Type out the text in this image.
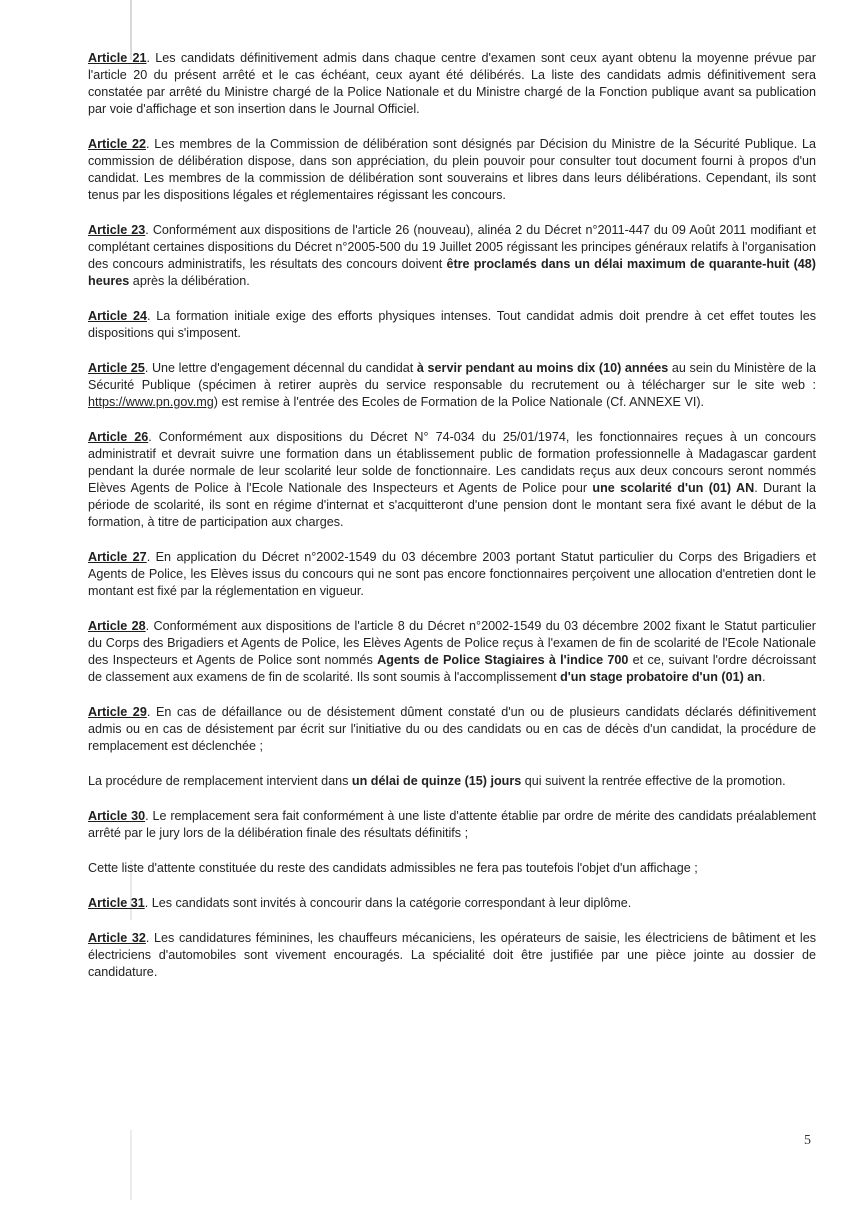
Article 21. Les candidats définitivement admis dans chaque centre d'examen sont ceux ayant obtenu la moyenne prévue par l'article 20 du présent arrêté et le cas échéant, ceux ayant été délibérés. La liste des candidats admis définitivement sera constatée par arrêté du Ministre chargé de la Police Nationale et du Ministre chargé de la Fonction publique avant sa publication par voie d'affichage et son insertion dans le Journal Officiel.

Article 22. Les membres de la Commission de délibération sont désignés par Décision du Ministre de la Sécurité Publique. La commission de délibération dispose, dans son appréciation, du plein pouvoir pour consulter tout document fourni à propos d'un candidat. Les membres de la commission de délibération sont souverains et libres dans leurs délibérations. Cependant, ils sont tenus par les dispositions légales et réglementaires régissant les concours.

Article 23. Conformément aux dispositions de l'article 26 (nouveau), alinéa 2 du Décret n°2011-447 du 09 Août 2011 modifiant et complétant certaines dispositions du Décret n°2005-500 du 19 Juillet 2005 régissant les principes généraux relatifs à l'organisation des concours administratifs, les résultats des concours doivent être proclamés dans un délai maximum de quarante-huit (48) heures après la délibération.

Article 24. La formation initiale exige des efforts physiques intenses. Tout candidat admis doit prendre à cet effet toutes les dispositions qui s'imposent.

Article 25. Une lettre d'engagement décennal du candidat à servir pendant au moins dix (10) années au sein du Ministère de la Sécurité Publique (spécimen à retirer auprès du service responsable du recrutement ou à télécharger sur le site web : https://www.pn.gov.mg) est remise à l'entrée des Ecoles de Formation de la Police Nationale (Cf. ANNEXE VI).

Article 26. Conformément aux dispositions du Décret N° 74-034 du 25/01/1974, les fonctionnaires reçues à un concours administratif et devrait suivre une formation dans un établissement public de formation professionnelle à Madagascar gardent pendant la durée normale de leur scolarité leur solde de fonctionnaire. Les candidats reçus aux deux concours seront nommés Elèves Agents de Police à l'Ecole Nationale des Inspecteurs et Agents de Police pour une scolarité d'un (01) AN. Durant la période de scolarité, ils sont en régime d'internat et s'acquitteront d'une pension dont le montant sera fixé avant le début de la formation, à titre de participation aux charges.

Article 27. En application du Décret n°2002-1549 du 03 décembre 2003 portant Statut particulier du Corps des Brigadiers et Agents de Police, les Elèves issus du concours qui ne sont pas encore fonctionnaires perçoivent une allocation d'entretien dont le montant est fixé par la réglementation en vigueur.

Article 28. Conformément aux dispositions de l'article 8 du Décret n°2002-1549 du 03 décembre 2002 fixant le Statut particulier du Corps des Brigadiers et Agents de Police, les Elèves Agents de Police reçus à l'examen de fin de scolarité de l'Ecole Nationale des Inspecteurs et Agents de Police sont nommés Agents de Police Stagiaires à l'indice 700 et ce, suivant l'ordre décroissant de classement aux examens de fin de scolarité. Ils sont soumis à l'accomplissement d'un stage probatoire d'un (01) an.

Article 29. En cas de défaillance ou de désistement dûment constaté d'un ou de plusieurs candidats déclarés définitivement admis ou en cas de désistement par écrit sur l'initiative du ou des candidats ou en cas de décès d'un candidat, la procédure de remplacement est déclenchée ;

La procédure de remplacement intervient dans un délai de quinze (15) jours qui suivent la rentrée effective de la promotion.

Article 30. Le remplacement sera fait conformément à une liste d'attente établie par ordre de mérite des candidats préalablement arrêté par le jury lors de la délibération finale des résultats définitifs ;

Cette liste d'attente constituée du reste des candidats admissibles ne fera pas toutefois l'objet d'un affichage ;

Article 31. Les candidats sont invités à concourir dans la catégorie correspondant à leur diplôme.

Article 32. Les candidatures féminines, les chauffeurs mécaniciens, les opérateurs de saisie, les électriciens de bâtiment et les électriciens d'automobiles sont vivement encouragés. La spécialité doit être justifiée par une pièce jointe au dossier de candidature.

5
